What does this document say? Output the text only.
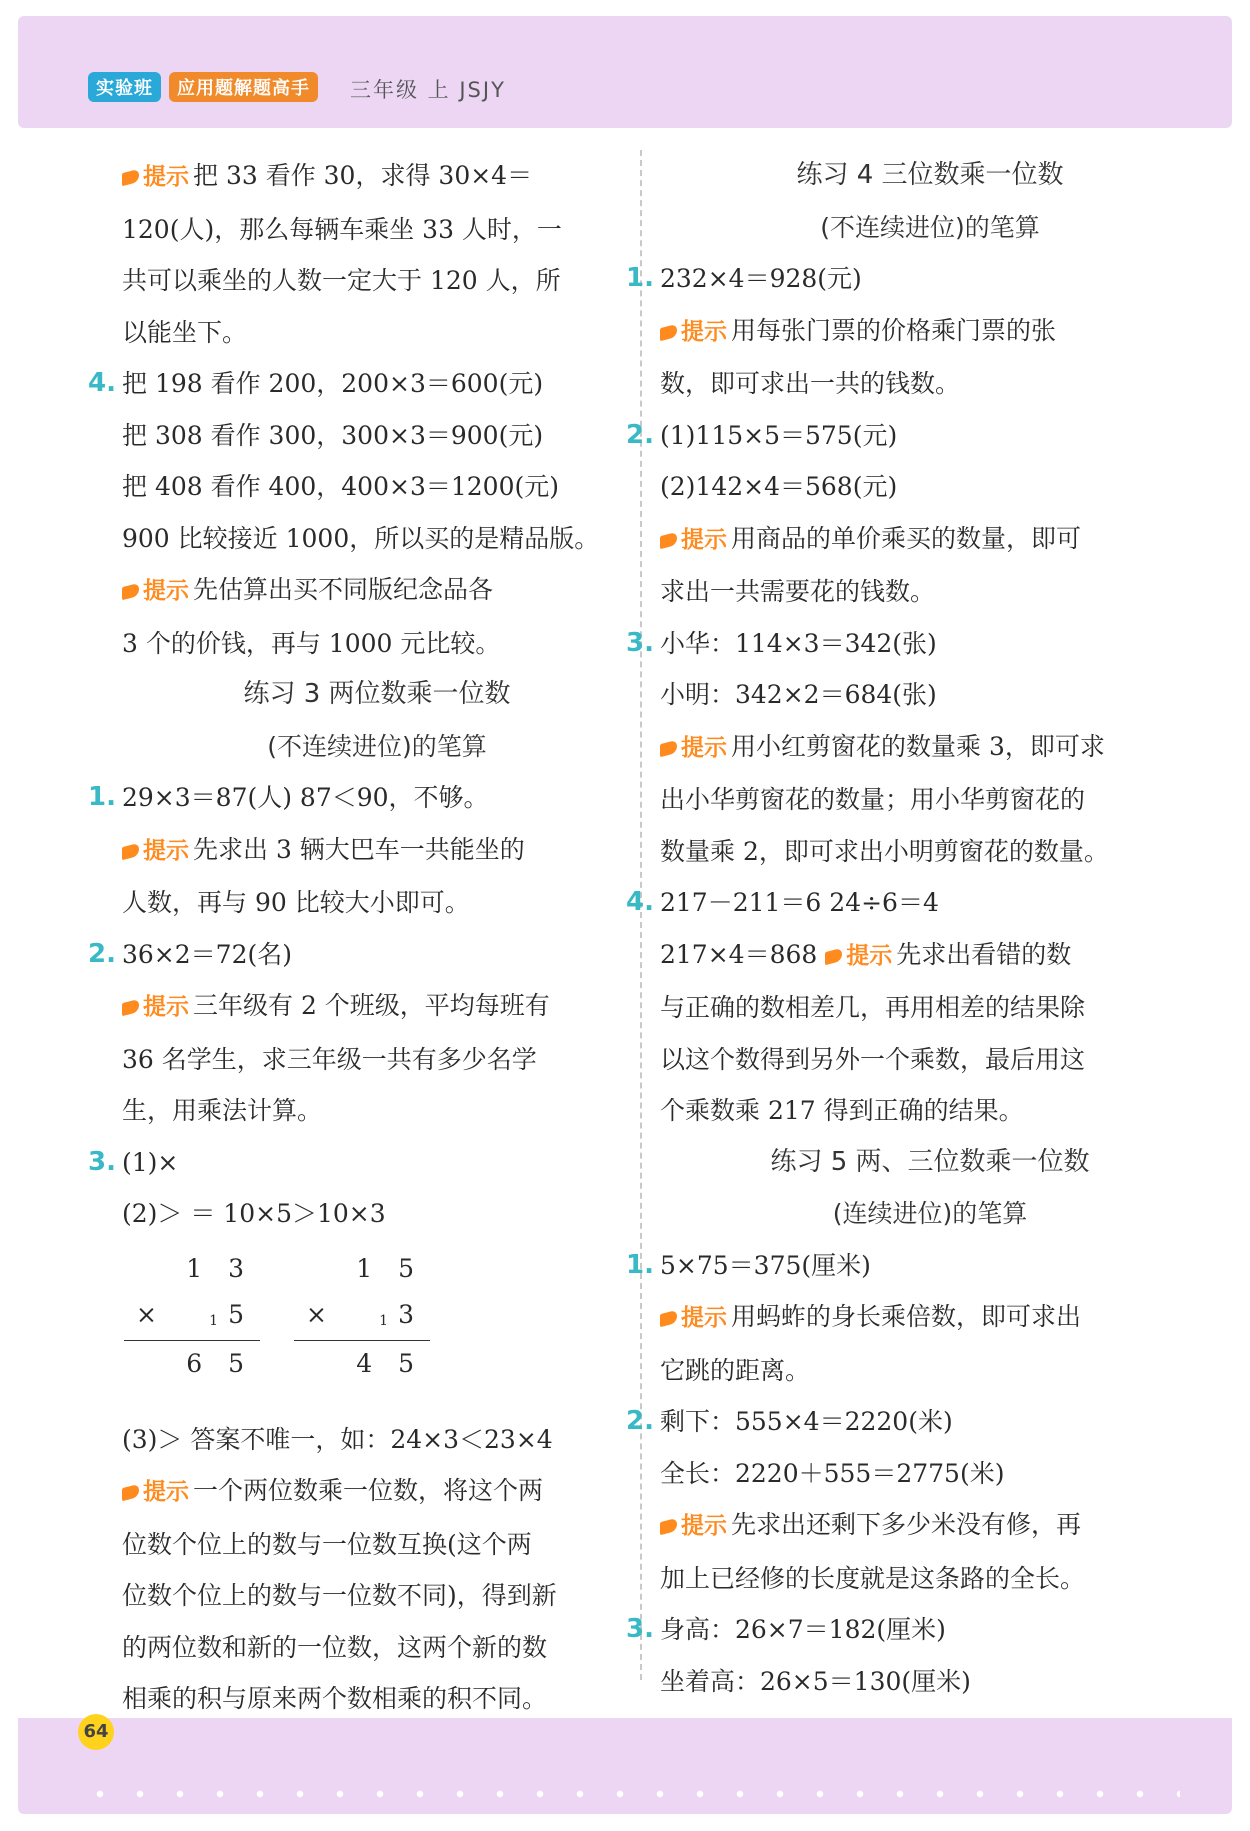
实验班	应用题解题高手	三年级 上 JSJY
提示 把 33 看作 30，求得 30×4＝
120(人)，那么每辆车乘坐 33 人时，一
共可以乘坐的人数一定大于 120 人，所
以能坐下。
4. 把 198 看作 200，200×3＝600(元)
把 308 看作 300，300×3＝900(元)
把 408 看作 400，400×3＝1200(元)
900 比较接近 1000，所以买的是精品版。
提示 先估算出买不同版纪念品各
3 个的价钱，再与 1000 元比较。
练习 3 两位数乘一位数
(不连续进位)的笔算
1. 29×3＝87(人) 87＜90，不够。
提示 先求出 3 辆大巴车一共能坐的
人数，再与 90 比较大小即可。
2. 36×2＝72(名)
提示 三年级有 2 个班级，平均每班有
36 名学生，求三年级一共有多少名学
生，用乘法计算。
3. (1)×
(2)＞ ＝ 10×5＞10×3
1 3
×	1 5
6 5
1 5
×	1 3
4 5
(3)＞ 答案不唯一，如：24×3＜23×4
提示 一个两位数乘一位数，将这个两
位数个位上的数与一位数互换(这个两
位数个位上的数与一位数不同)，得到新
的两位数和新的一位数，这两个新的数
相乘的积与原来两个数相乘的积不同。
练习 4 三位数乘一位数
(不连续进位)的笔算
1. 232×4＝928(元)
提示 用每张门票的价格乘门票的张
数，即可求出一共的钱数。
2. (1)115×5＝575(元)
(2)142×4＝568(元)
提示 用商品的单价乘买的数量，即可
求出一共需要花的钱数。
3. 小华：114×3＝342(张)
小明：342×2＝684(张)
提示 用小红剪窗花的数量乘 3，即可求
出小华剪窗花的数量；用小华剪窗花的
数量乘 2，即可求出小明剪窗花的数量。
4. 217－211＝6 24÷6＝4
217×4＝868 提示 先求出看错的数
与正确的数相差几，再用相差的结果除
以这个数得到另外一个乘数，最后用这
个乘数乘 217 得到正确的结果。
练习 5 两、三位数乘一位数
(连续进位)的笔算
1. 5×75＝375(厘米)
提示 用蚂蚱的身长乘倍数，即可求出
它跳的距离。
2. 剩下：555×4＝2220(米)
全长：2220＋555＝2775(米)
提示 先求出还剩下多少米没有修，再
加上已经修的长度就是这条路的全长。
3. 身高：26×7＝182(厘米)
坐着高：26×5＝130(厘米)
64
